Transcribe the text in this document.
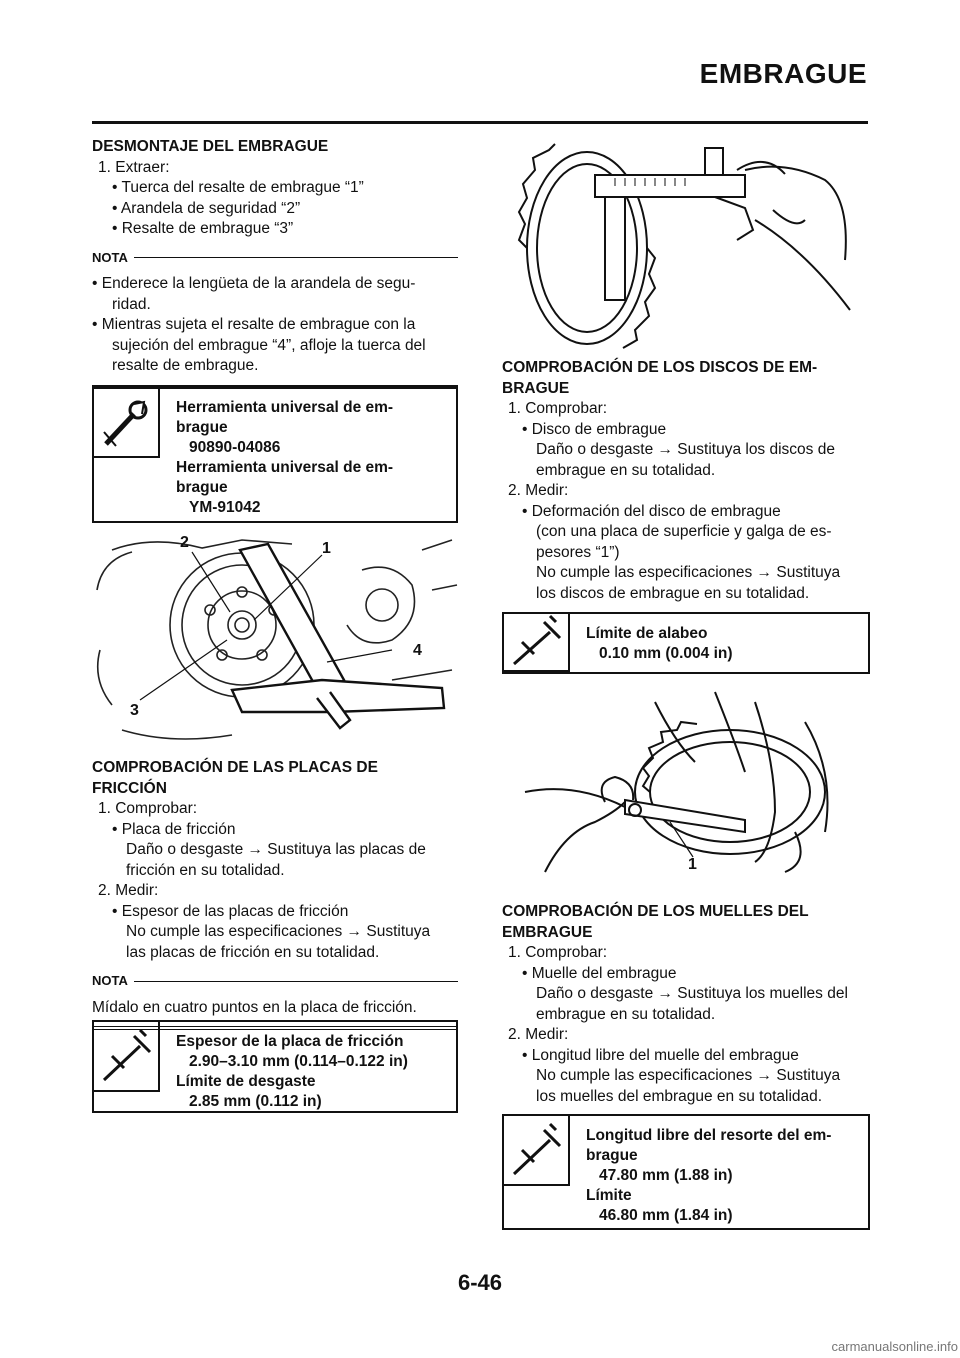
EMBRAGUE
DESMONTAJE DEL EMBRAGUE
1. Extraer:
• Tuerca del resalte de embrague “1”
• Arandela de seguridad “2”
• Resalte de embrague “3”
NOTA
• Enderece la lengüeta de la arandela de segu-
ridad.
• Mientras sujeta el resalte de embrague con la
sujeción del embrague “4”, afloje la tuerca del
resalte de embrague.
Herramienta universal de em-
brague
90890-04086
Herramienta universal de em-
brague
YM-91042
2	1
3
4
COMPROBACIÓN DE LAS PLACAS DE
FRICCIÓN
1. Comprobar:
• Placa de fricción
Daño o desgaste → Sustituya las placas de
fricción en su totalidad.
2. Medir:
• Espesor de las placas de fricción
No cumple las especificaciones → Sustituya
las placas de fricción en su totalidad.
NOTA
Mídalo en cuatro puntos en la placa de fricción.
Espesor de la placa de fricción
2.90–3.10 mm (0.114–0.122 in)
Límite de desgaste
2.85 mm (0.112 in)
COMPROBACIÓN DE LOS DISCOS DE EM-
BRAGUE
1. Comprobar:
• Disco de embrague
Daño o desgaste → Sustituya los discos de
embrague en su totalidad.
2. Medir:
• Deformación del disco de embrague
(con una placa de superficie y galga de es-
pesores “1”)
No cumple las especificaciones → Sustituya
los discos de embrague en su totalidad.
Límite de alabeo
0.10 mm (0.004 in)
1
COMPROBACIÓN DE LOS MUELLES DEL
EMBRAGUE
1. Comprobar:
• Muelle del embrague
Daño o desgaste → Sustituya los muelles del
embrague en su totalidad.
2. Medir:
• Longitud libre del muelle del embrague
No cumple las especificaciones → Sustituya
los muelles del embrague en su totalidad.
Longitud libre del resorte del em-
brague
47.80 mm (1.88 in)
Límite
46.80 mm (1.84 in)
6-46
carmanualsonline.info
